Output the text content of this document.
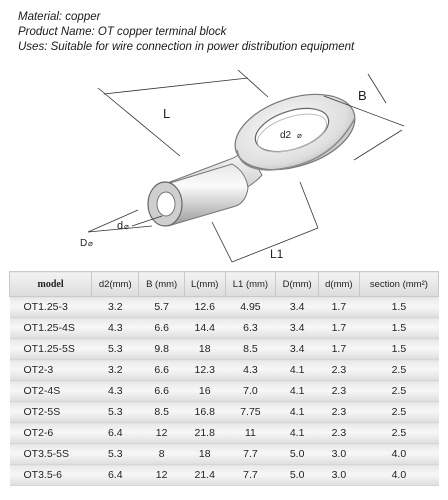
Material: copper
Product Name: OT copper terminal block
Uses: Suitable for wire connection in power distribution equipment
L
B
d2 ⌀
d ⌀
D ⌀
L1
model	d2(mm)	B (mm)	L(mm)	L1 (mm)	D(mm)	d(mm)	section (mm²)
OT1.25-3	3.2	5.7	12.6	4.95	3.4	1.7	1.5
OT1.25-4S	4.3	6.6	14.4	6.3	3.4	1.7	1.5
OT1.25-5S	5.3	9.8	18	8.5	3.4	1.7	1.5
OT2-3	3.2	6.6	12.3	4.3	4.1	2.3	2.5
OT2-4S	4.3	6.6	16	7.0	4.1	2.3	2.5
OT2-5S	5.3	8.5	16.8	7.75	4.1	2.3	2.5
OT2-6	6.4	12	21.8	11	4.1	2.3	2.5
OT3.5-5S	5.3	8	18	7.7	5.0	3.0	4.0
OT3.5-6	6.4	12	21.4	7.7	5.0	3.0	4.0
